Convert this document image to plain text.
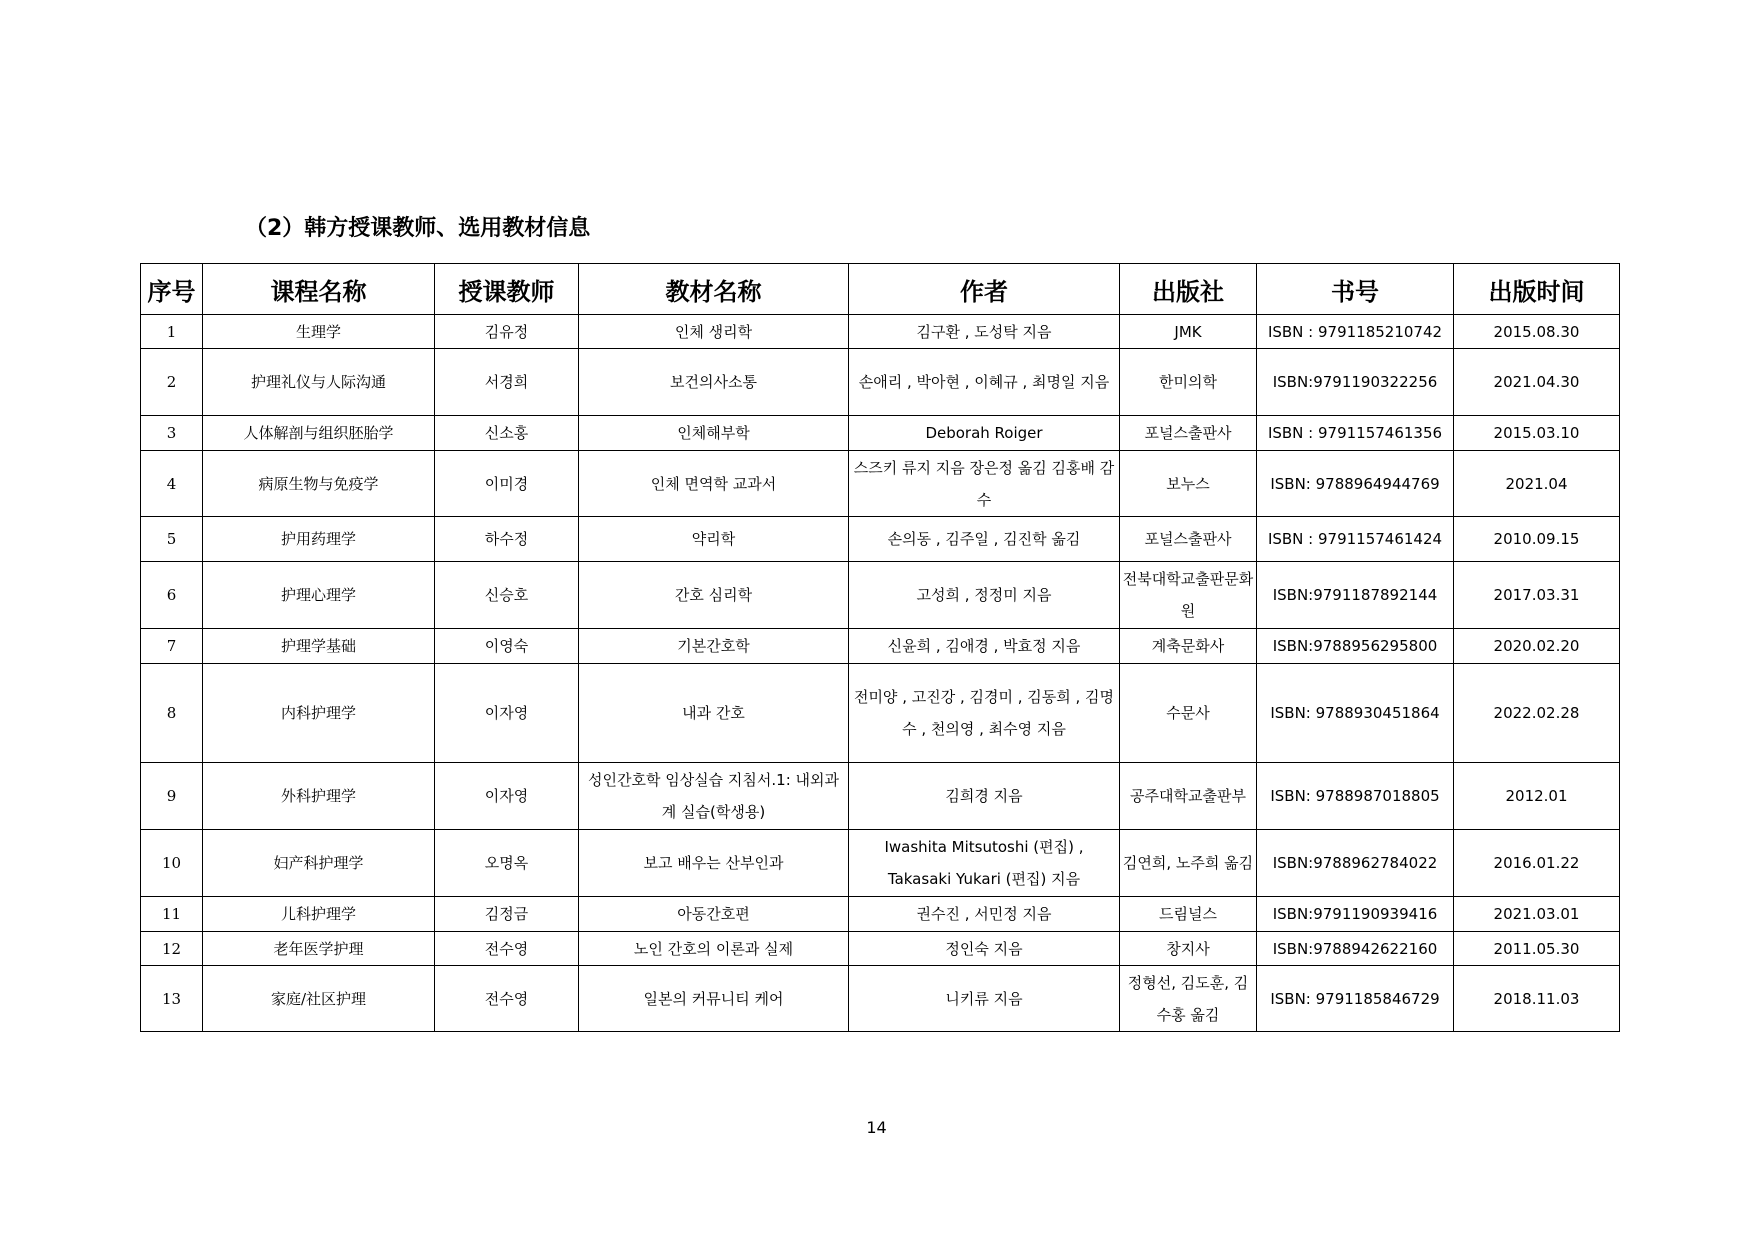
（2）韩方授课教师、选用教材信息
序号	课程名称	授课教师	教材名称	作者	出版社	书号	出版时间
1	生理学	김유정	인체 생리학	김구환 , 도성탁 지음	JMK	ISBN : 9791185210742	2015.08.30
2	护理礼仪与人际沟通	서경희	보건의사소통	손애리 , 박아현 , 이혜규 , 최명일 지음	한미의학	ISBN:9791190322256	2021.04.30
3	人体解剖与组织胚胎学	신소홍	인체해부학	Deborah Roiger	포널스출판사	ISBN : 9791157461356	2015.03.10
4	病原生物与免疫学	이미경	인체 면역학 교과서	스즈키 류지 지음 장은정 옮김 김홍배 감수	보누스	ISBN: 9788964944769	2021.04
5	护用药理学	하수정	약리학	손의동 , 김주일 , 김진학 옮김	포널스출판사	ISBN : 9791157461424	2010.09.15
6	护理心理学	신승호	간호 심리학	고성희 , 정정미 지음	전북대학교출판문화원	ISBN:9791187892144	2017.03.31
7	护理学基础	이영숙	기본간호학	신윤희 , 김애경 , 박효정 지음	계축문화사	ISBN:9788956295800	2020.02.20
8	内科护理学	이자영	내과 간호	전미양 , 고진강 , 김경미 , 김동희 , 김명수 , 천의영 , 최수영 지음	수문사	ISBN: 9788930451864	2022.02.28
9	外科护理学	이자영	성인간호학 임상실습 지침서.1: 내외과계 실습(학생용)	김희경 지음	공주대학교출판부	ISBN: 9788987018805	2012.01
10	妇产科护理学	오명옥	보고 배우는 산부인과	Iwashita Mitsutoshi (편집) , Takasaki Yukari (편집) 지음	김연희, 노주희 옮김	ISBN:9788962784022	2016.01.22
11	儿科护理学	김정금	아동간호편	권수진 , 서민정 지음	드림널스	ISBN:9791190939416	2021.03.01
12	老年医学护理	전수영	노인 간호의 이론과 실제	정인숙 지음	창지사	ISBN:9788942622160	2011.05.30
13	家庭/社区护理	전수영	일본의 커뮤니티 케어	니키류 지음	정형선, 김도훈, 김수홍 옮김	ISBN: 9791185846729	2018.11.03
14
